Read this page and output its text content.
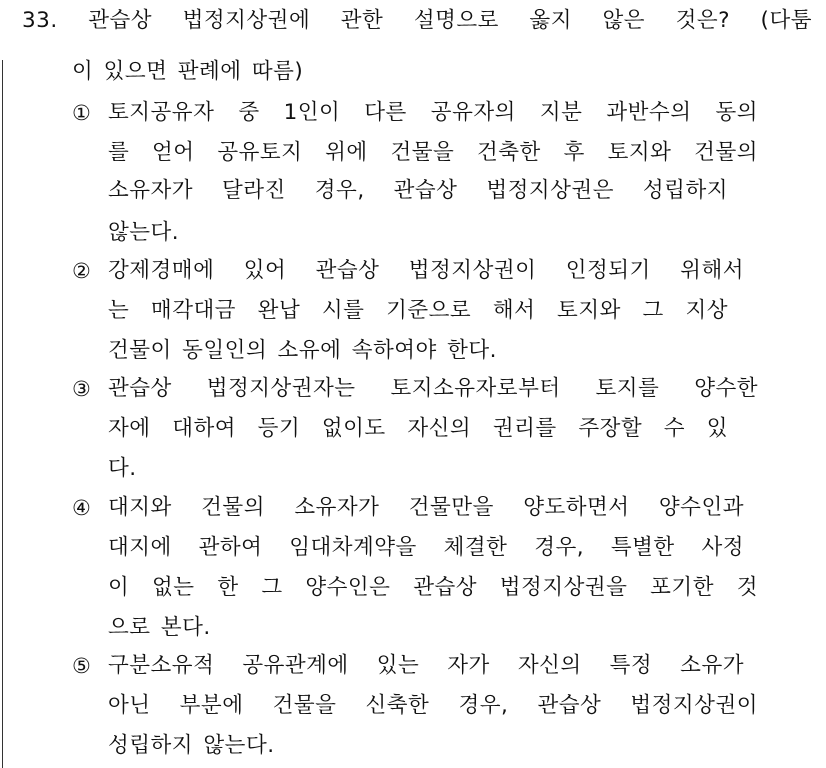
33. 관습상 법정지상권에 관한 설명으로 옳지 않은 것은? (다툼
이 있으면 판례에 따름)
① 토지공유자 중 1인이 다른 공유자의 지분 과반수의 동의
를 얻어 공유토지 위에 건물을 건축한 후 토지와 건물의
소유자가 달라진 경우, 관습상 법정지상권은 성립하지
않는다.
② 강제경매에 있어 관습상 법정지상권이 인정되기 위해서
는 매각대금 완납 시를 기준으로 해서 토지와 그 지상
건물이 동일인의 소유에 속하여야 한다.
③ 관습상 법정지상권자는 토지소유자로부터 토지를 양수한
자에 대하여 등기 없이도 자신의 권리를 주장할 수 있
다.
④ 대지와 건물의 소유자가 건물만을 양도하면서 양수인과
대지에 관하여 임대차계약을 체결한 경우, 특별한 사정
이 없는 한 그 양수인은 관습상 법정지상권을 포기한 것
으로 본다.
⑤ 구분소유적 공유관계에 있는 자가 자신의 특정 소유가
아닌 부분에 건물을 신축한 경우, 관습상 법정지상권이
성립하지 않는다.
